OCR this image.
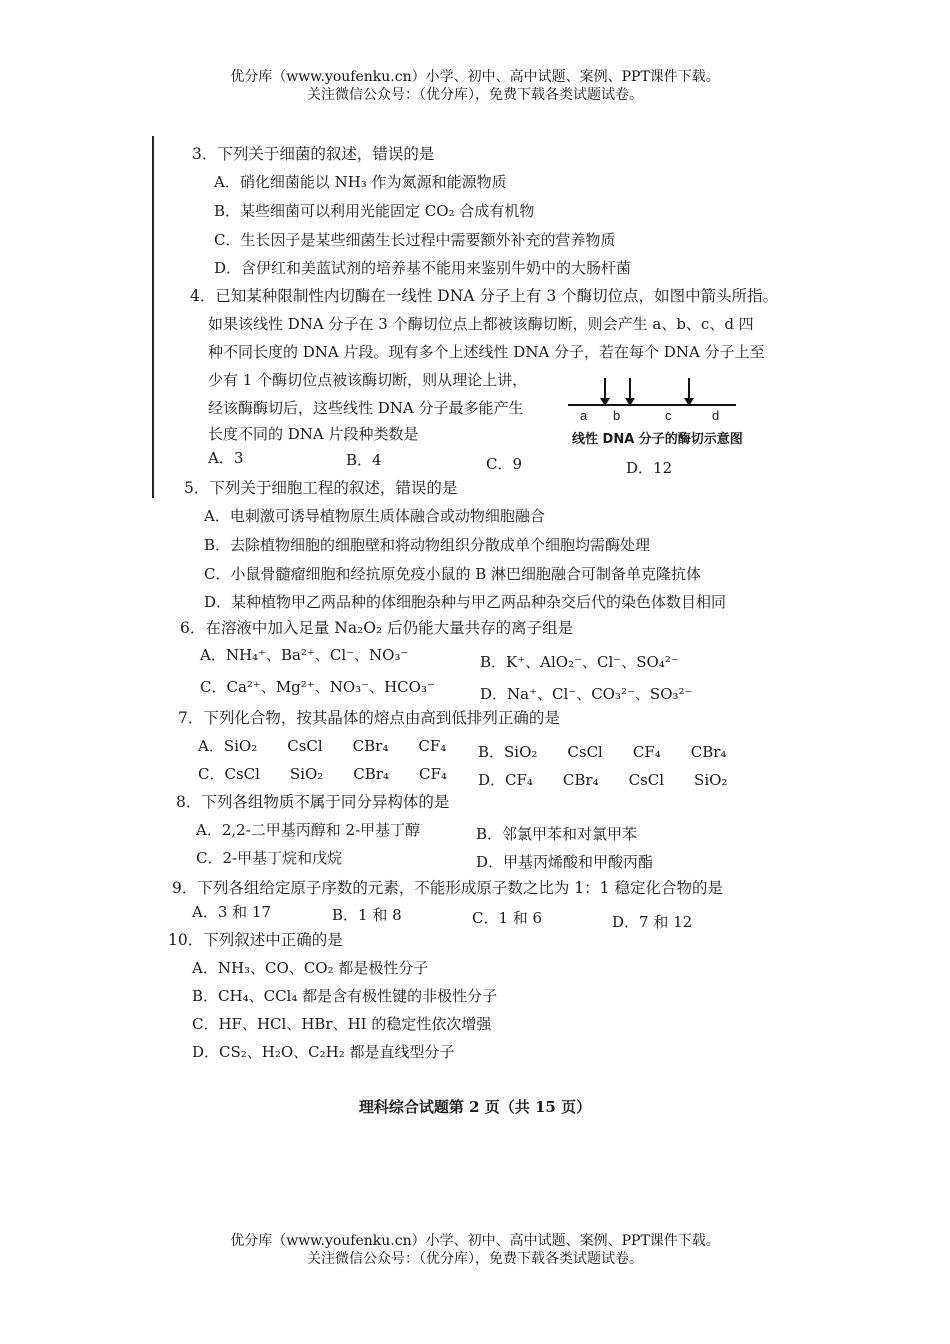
优分库（www.youfenku.cn）小学、初中、高中试题、案例、PPT课件下载。
关注微信公众号：（优分库），免费下载各类试题试卷。
3．下列关于细菌的叙述，错误的是
A．硝化细菌能以 NH₃ 作为氮源和能源物质
B．某些细菌可以利用光能固定 CO₂ 合成有机物
C．生长因子是某些细菌生长过程中需要额外补充的营养物质
D．含伊红和美蓝试剂的培养基不能用来鉴别牛奶中的大肠杆菌
4．已知某种限制性内切酶在一线性 DNA 分子上有 3 个酶切位点，如图中箭头所指。
如果该线性 DNA 分子在 3 个酶切位点上都被该酶切断，则会产生 a、b、c、d 四
种不同长度的 DNA 片段。现有多个上述线性 DNA 分子，若在每个 DNA 分子上至
少有 1 个酶切位点被该酶切断，则从理论上讲，
经该酶酶切后，这些线性 DNA 分子最多能产生
长度不同的 DNA 片段种类数是
a b	c	d
线性 DNA 分子的酶切示意图
A．3	B．4	C．9	D．12
5．下列关于细胞工程的叙述，错误的是
A．电刺激可诱导植物原生质体融合或动物细胞融合
B．去除植物细胞的细胞壁和将动物组织分散成单个细胞均需酶处理
C．小鼠骨髓瘤细胞和经抗原免疫小鼠的 B 淋巴细胞融合可制备单克隆抗体
D．某种植物甲乙两品种的体细胞杂种与甲乙两品种杂交后代的染色体数目相同
6．在溶液中加入足量 Na₂O₂ 后仍能大量共存的离子组是
A．NH₄⁺、Ba²⁺、Cl⁻、NO₃⁻	B．K⁺、AlO₂⁻、Cl⁻、SO₄²⁻
C．Ca²⁺、Mg²⁺、NO₃⁻、HCO₃⁻	D．Na⁺、Cl⁻、CO₃²⁻、SO₃²⁻
7．下列化合物，按其晶体的熔点由高到低排列正确的是
A．SiO₂　　CsCl　　CBr₄　　CF₄ B．SiO₂　　CsCl　　CF₄　　CBr₄
C．CsCl　　SiO₂　　CBr₄　　CF₄ D．CF₄　　CBr₄　　CsCl　　SiO₂
8．下列各组物质不属于同分异构体的是
A．2,2-二甲基丙醇和 2-甲基丁醇	B．邻氯甲苯和对氯甲苯
C．2-甲基丁烷和戊烷	D．甲基丙烯酸和甲酸丙酯
9．下列各组给定原子序数的元素，不能形成原子数之比为 1：1 稳定化合物的是
A．3 和 17	B．1 和 8	C．1 和 6	D．7 和 12
10．下列叙述中正确的是
A．NH₃、CO、CO₂ 都是极性分子
B．CH₄、CCl₄ 都是含有极性键的非极性分子
C．HF、HCl、HBr、HI 的稳定性依次增强
D．CS₂、H₂O、C₂H₂ 都是直线型分子
理科综合试题第 2 页（共 15 页）
优分库（www.youfenku.cn）小学、初中、高中试题、案例、PPT课件下载。
关注微信公众号：（优分库），免费下载各类试题试卷。
